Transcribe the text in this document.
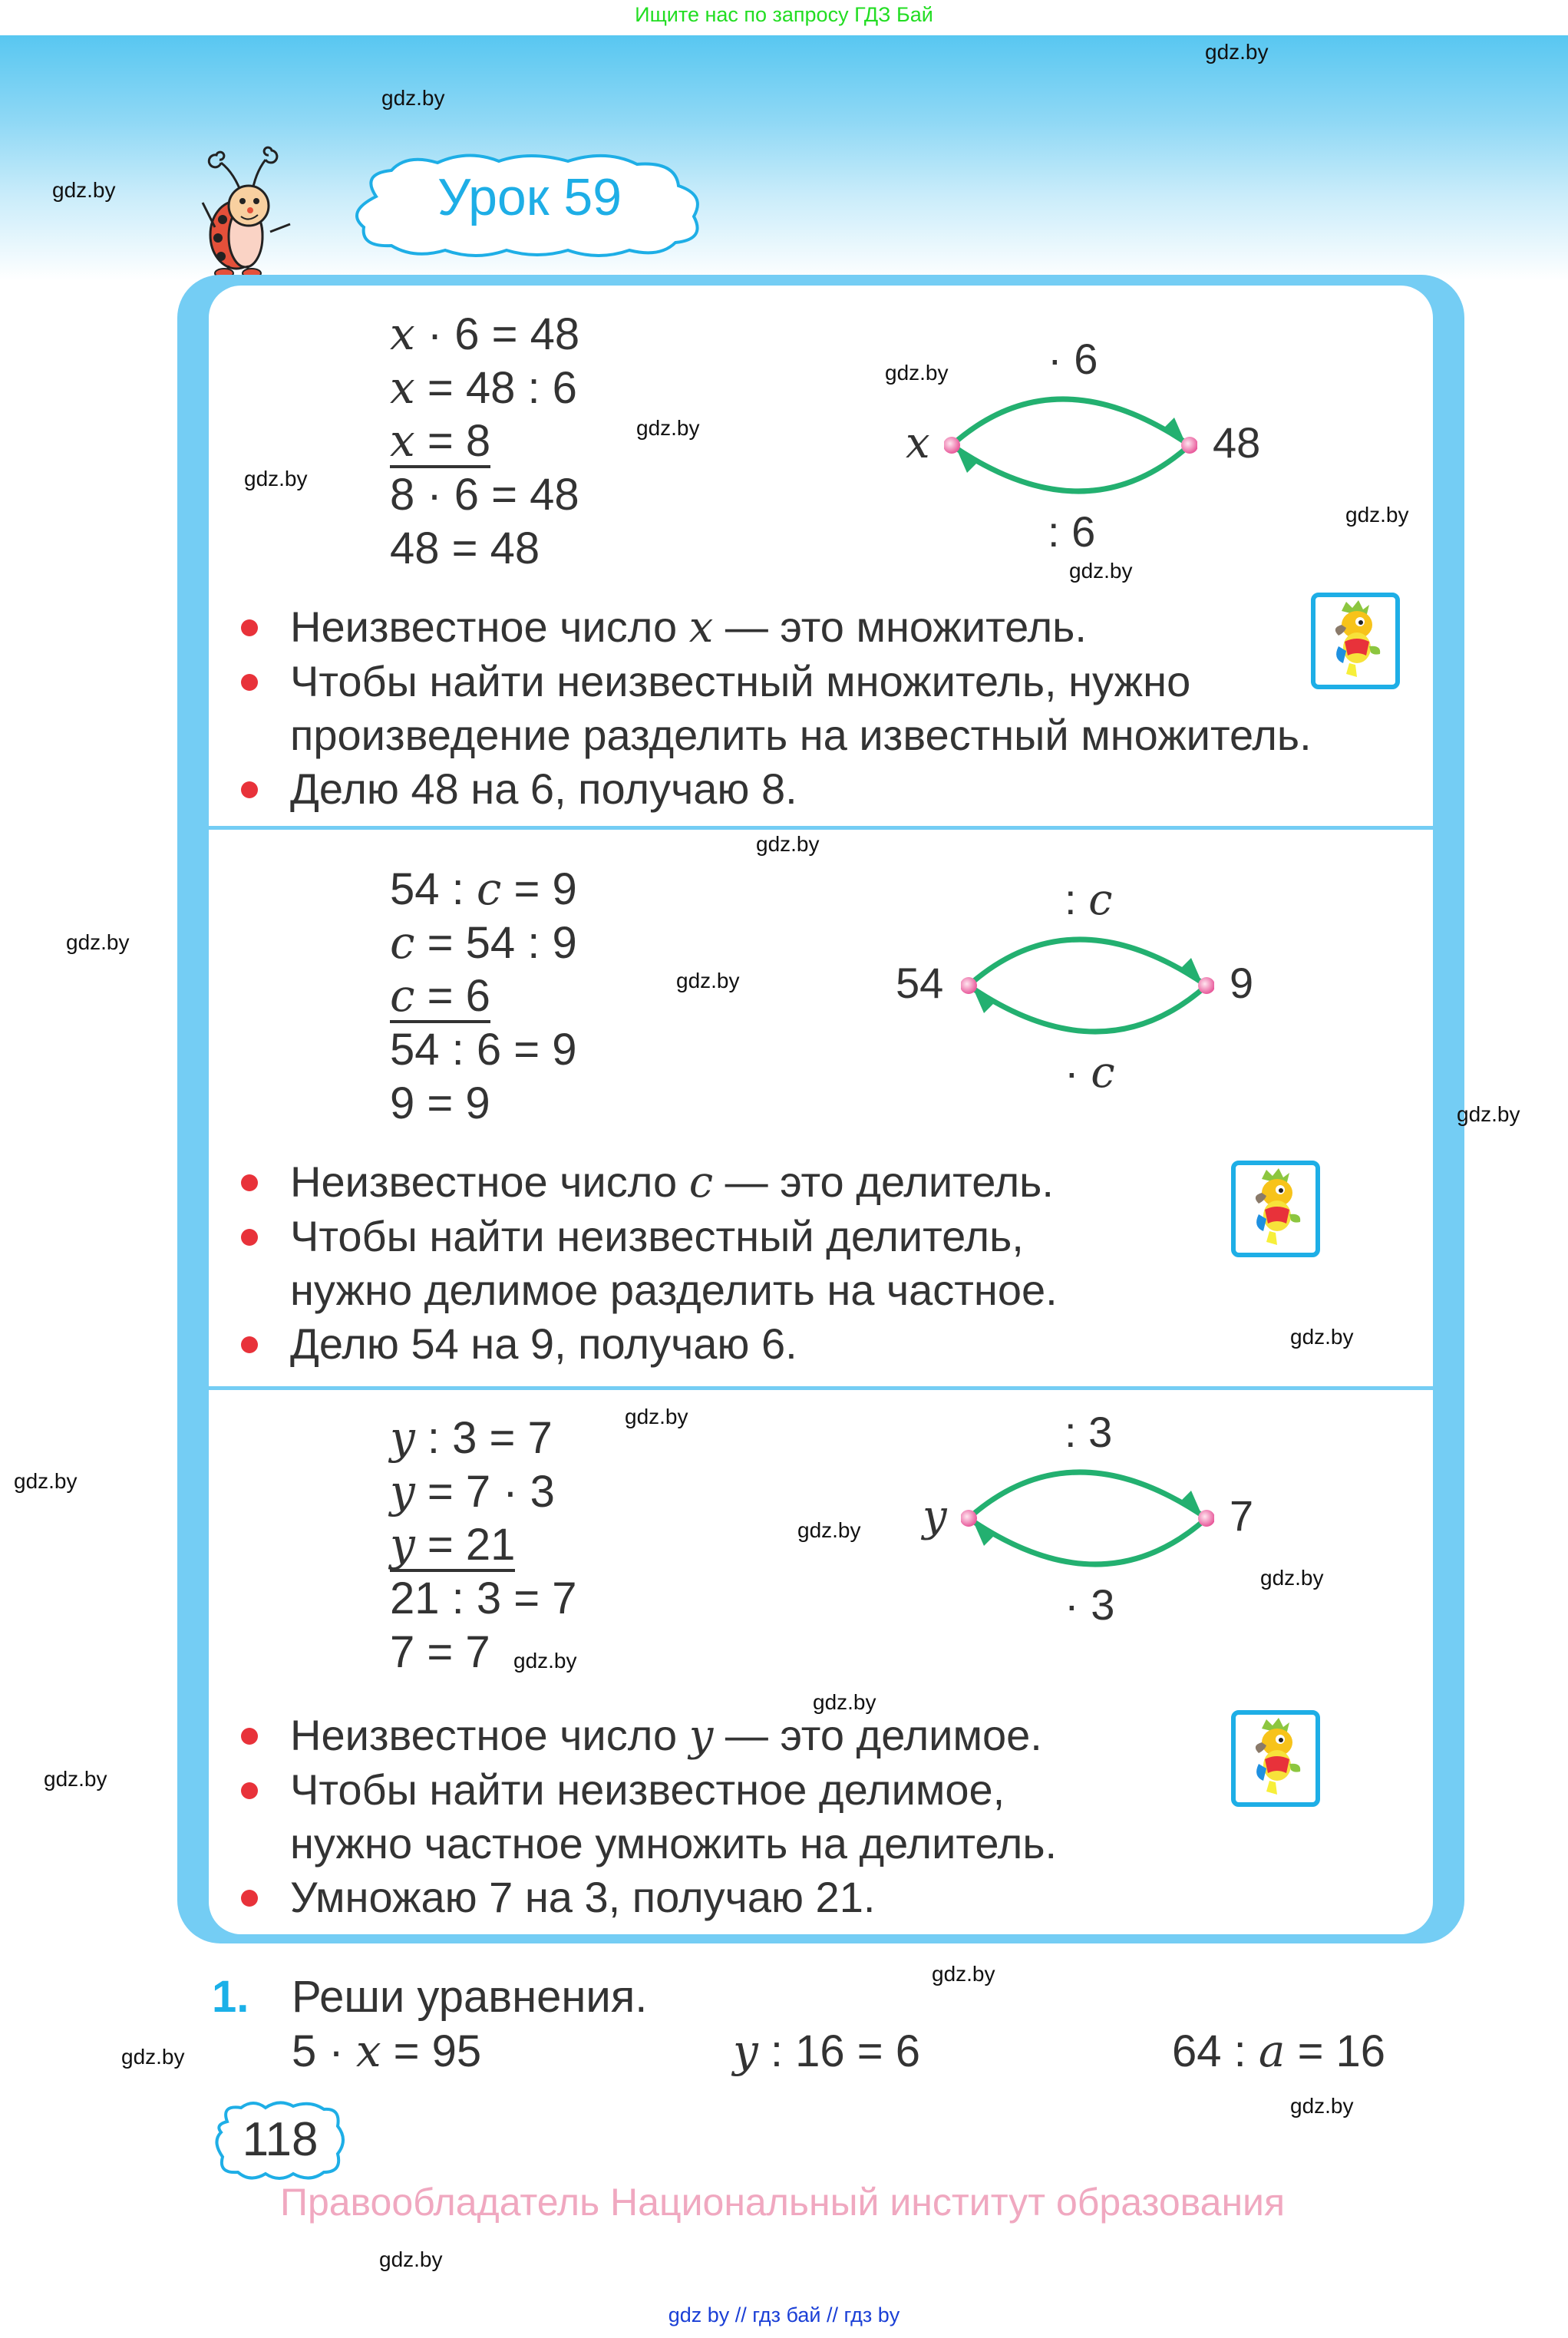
Ищите нас по запросу ГДЗ Бай
Урок 59
x · 6 = 48
x = 48 : 6
x = 8
8 · 6 = 48
48 = 48
x	48
· 6
: 6
Неизвестное число x — это множитель.
Чтобы найти неизвестный множитель, нужно
произведение разделить на известный множитель.
Делю 48 на 6, получаю 8.
54 : c = 9
c = 54 : 9
c = 6
54 : 6 = 9
9 = 9
54	9
: c
· c
Неизвестное число c — это делитель.
Чтобы найти неизвестный делитель,
нужно делимое разделить на частное.
Делю 54 на 9, получаю 6.
y : 3 = 7
y = 7 · 3
y = 21
21 : 3 = 7
7 = 7
y	7
: 3
· 3
Неизвестное число y — это делимое.
Чтобы найти неизвестное делимое,
нужно частное умножить на делитель.
Умножаю 7 на 3, получаю 21.
1. Реши уравнения.
5 · x = 95	y : 16 = 6	64 : a = 16
118
Правообладатель Национальный институт образования
gdz by // гдз бай // гдз by
gdz.by
gdz.by
gdz.by
gdz.by
gdz.by
gdz.by
gdz.by
gdz.by
gdz.by
gdz.by
gdz.by
gdz.by
gdz.by
gdz.by
gdz.by
gdz.by
gdz.by
gdz.by
gdz.by
gdz.by
gdz.by
gdz.by
gdz.by
gdz.by
